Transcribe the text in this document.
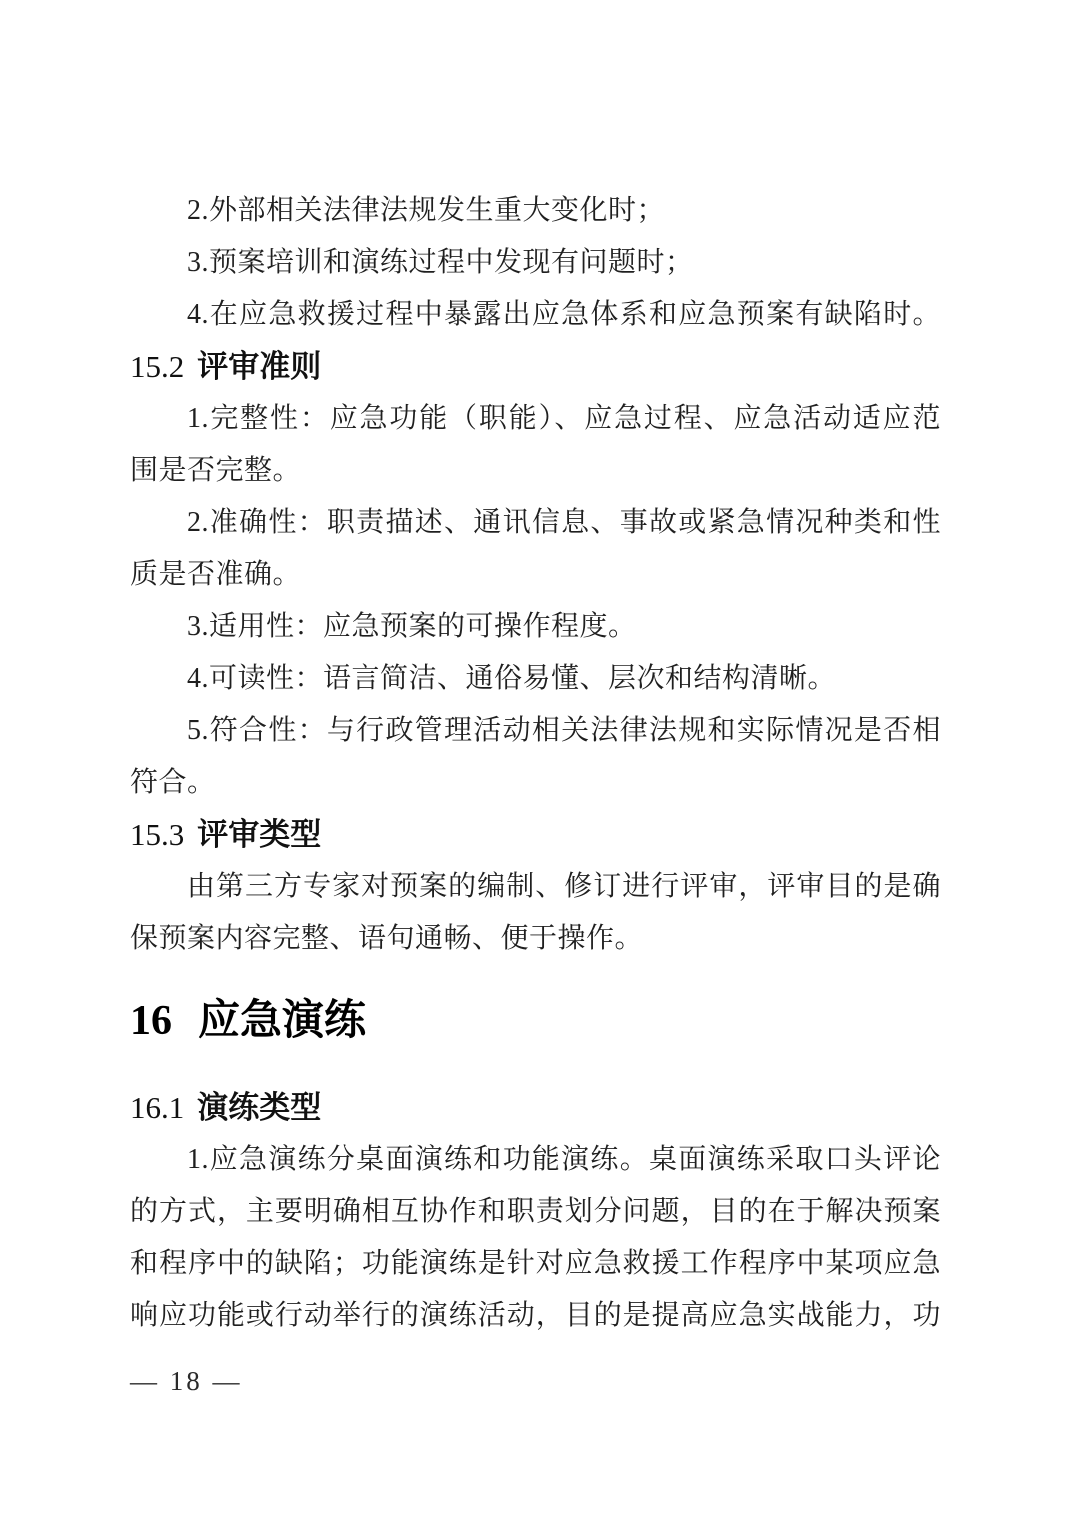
2.外部相关法律法规发生重大变化时；
3.预案培训和演练过程中发现有问题时；
4.在应急救援过程中暴露出应急体系和应急预案有缺陷时。
15.2 评审准则
1.完整性：应急功能（职能）、应急过程、应急活动适应范
围是否完整。
2.准确性：职责描述、通讯信息、事故或紧急情况种类和性
质是否准确。
3.适用性：应急预案的可操作程度。
4.可读性：语言简洁、通俗易懂、层次和结构清晰。
5.符合性：与行政管理活动相关法律法规和实际情况是否相
符合。
15.3 评审类型
由第三方专家对预案的编制、修订进行评审，评审目的是确
保预案内容完整、语句通畅、便于操作。
16 应急演练
16.1 演练类型
1.应急演练分桌面演练和功能演练。桌面演练采取口头评论
的方式，主要明确相互协作和职责划分问题，目的在于解决预案
和程序中的缺陷；功能演练是针对应急救援工作程序中某项应急
响应功能或行动举行的演练活动，目的是提高应急实战能力，功
— 18 —
